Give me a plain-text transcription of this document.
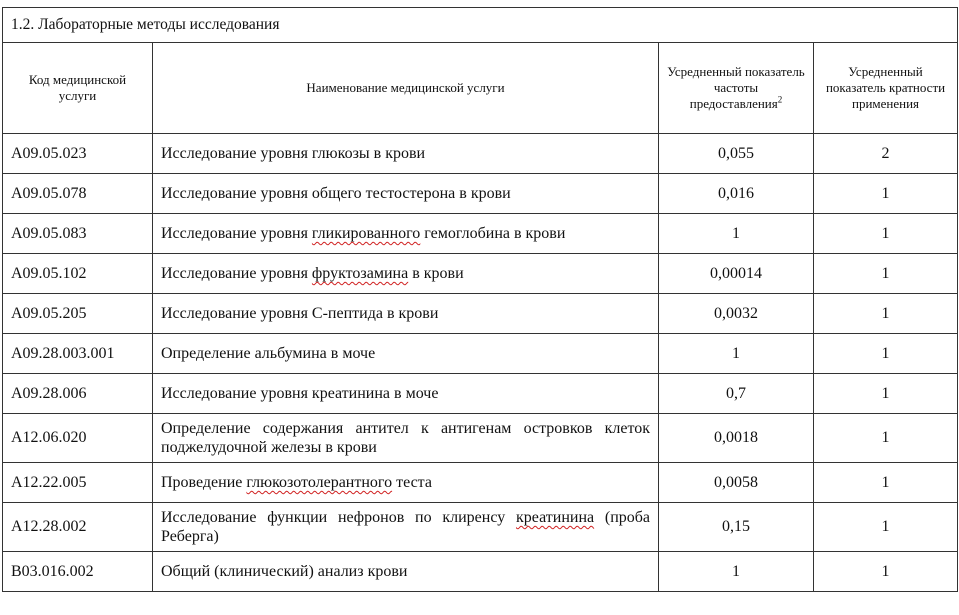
1.2. Лабораторные методы исследования			
Код медицинской услуги	Наименование медицинской услуги	Усредненный показатель частоты предоставления$^2$	Усредненный показатель кратности применения
A09.05.023	Исследование уровня глюкозы в крови	0,055	2
A09.05.078	Исследование уровня общего тестостерона в крови	0,016	1
A09.05.083	Исследование уровня гликированного гемоглобина в крови	1	1
A09.05.102	Исследование уровня фруктозамина в крови	0,00014	1
A09.05.205	Исследование уровня С-пептида в крови	0,0032	1
A09.28.003.001	Определение альбумина в моче	1	1
A09.28.006	Исследование уровня креатинина в моче	0,7	1
A12.06.020	Определение содержания антител к антигенам островков клеток поджелудочной железы в крови	0,0018	1
A12.22.005	Проведение глюкозотолерантного теста	0,0058	1
A12.28.002	Исследование функции нефронов по клиренсу креатинина (проба Реберга)	0,15	1
B03.016.002	Общий (клинический) анализ крови	1	1
